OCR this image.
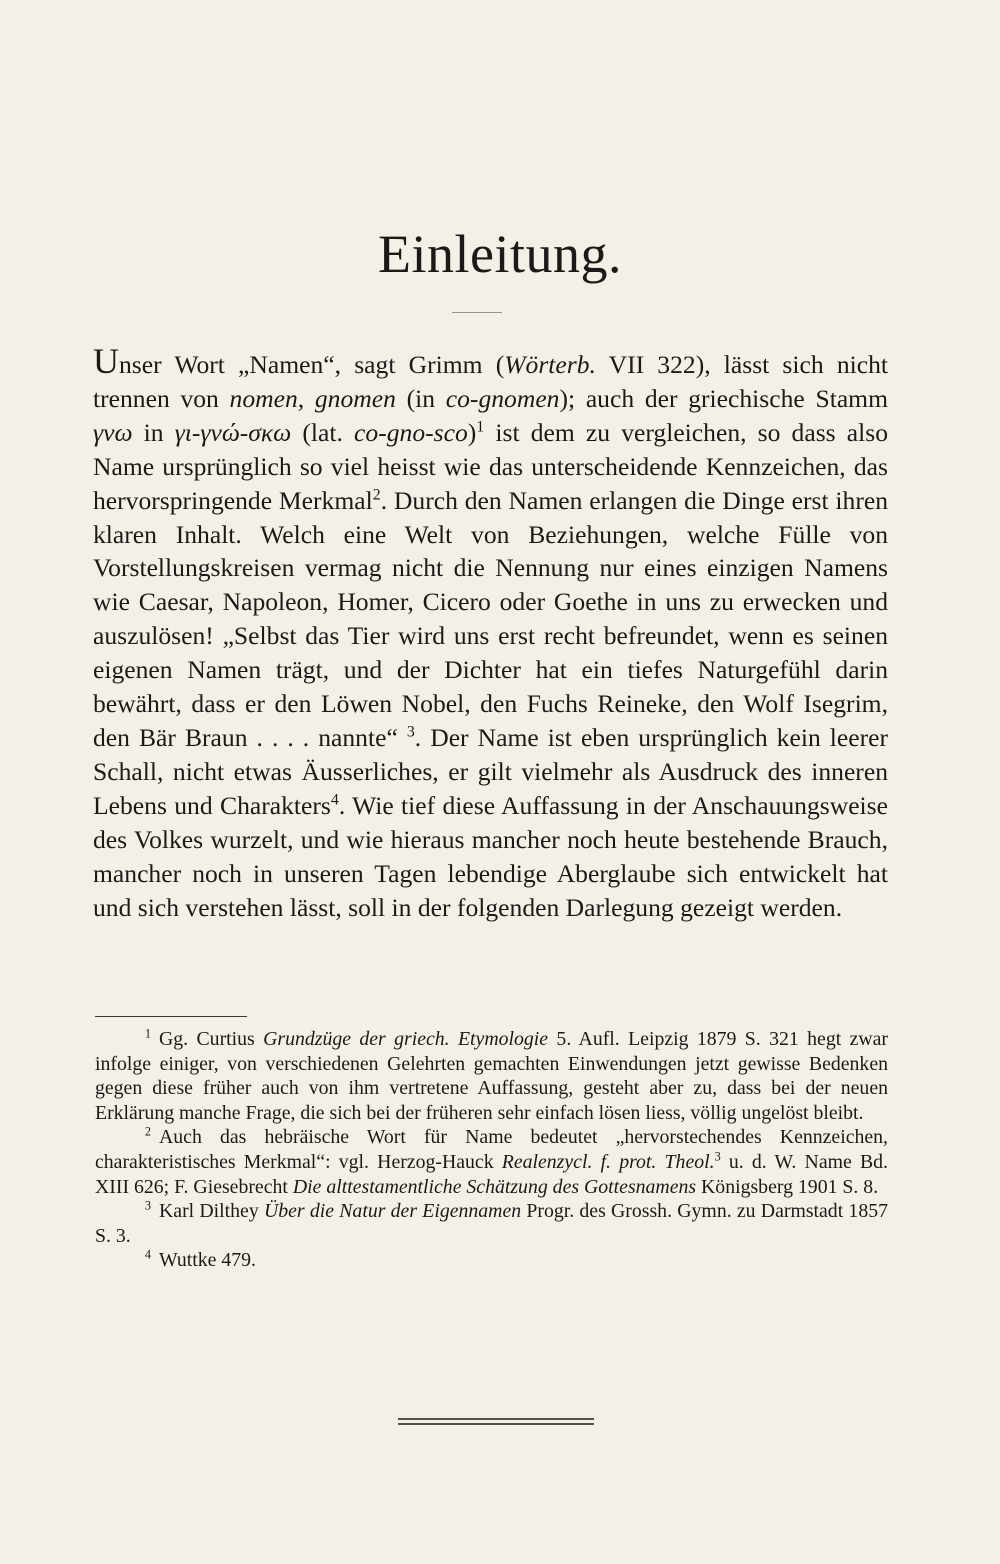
Einleitung.

Unser Wort „Namen“, sagt Grimm (Wörterb. VII 322), lässt sich nicht trennen von nomen, gnomen (in co-gnomen); auch der griechische Stamm γνω in γι-γνώ-σκω (lat. co-gno-sco)$^1$ ist dem zu vergleichen, so dass also Name ursprünglich so viel heisst wie das unterscheidende Kennzeichen, das hervorspringende Merkmal$^2$. Durch den Namen erlangen die Dinge erst ihren klaren Inhalt. Welch eine Welt von Beziehungen, welche Fülle von Vorstellungskreisen vermag nicht die Nennung nur eines einzigen Namens wie Caesar, Napoleon, Homer, Cicero oder Goethe in uns zu erwecken und auszulösen! „Selbst das Tier wird uns erst recht befreundet, wenn es seinen eigenen Namen trägt, und der Dichter hat ein tiefes Naturgefühl darin bewährt, dass er den Löwen Nobel, den Fuchs Reineke, den Wolf Isegrim, den Bär Braun . . . . nannte“ $^3$. Der Name ist eben ursprünglich kein leerer Schall, nicht etwas Äusserliches, er gilt vielmehr als Ausdruck des inneren Lebens und Charakters$^4$. Wie tief diese Auffassung in der Anschauungsweise des Volkes wurzelt, und wie hieraus mancher noch heute bestehende Brauch, mancher noch in unseren Tagen lebendige Aberglaube sich entwickelt hat und sich verstehen lässt, soll in der folgenden Darlegung gezeigt werden.

$^1$ Gg. Curtius Grundzüge der griech. Etymologie 5. Aufl. Leipzig 1879 S. 321 hegt zwar infolge einiger, von verschiedenen Gelehrten gemachten Einwendungen jetzt gewisse Bedenken gegen diese früher auch von ihm vertretene Auffassung, gesteht aber zu, dass bei der neuen Erklärung manche Frage, die sich bei der früheren sehr einfach lösen liess, völlig ungelöst bleibt.

$^2$ Auch das hebräische Wort für Name bedeutet „hervorstechendes Kennzeichen, charakteristisches Merkmal“: vgl. Herzog-Hauck Realenzycl. f. prot. Theol.$^3$ u. d. W. Name Bd. XIII 626; F. Giesebrecht Die alttestamentliche Schätzung des Gottesnamens Königsberg 1901 S. 8.

$^3$ Karl Dilthey Über die Natur der Eigennamen Progr. des Grossh. Gymn. zu Darmstadt 1857 S. 3.

$^4$ Wuttke 479.
